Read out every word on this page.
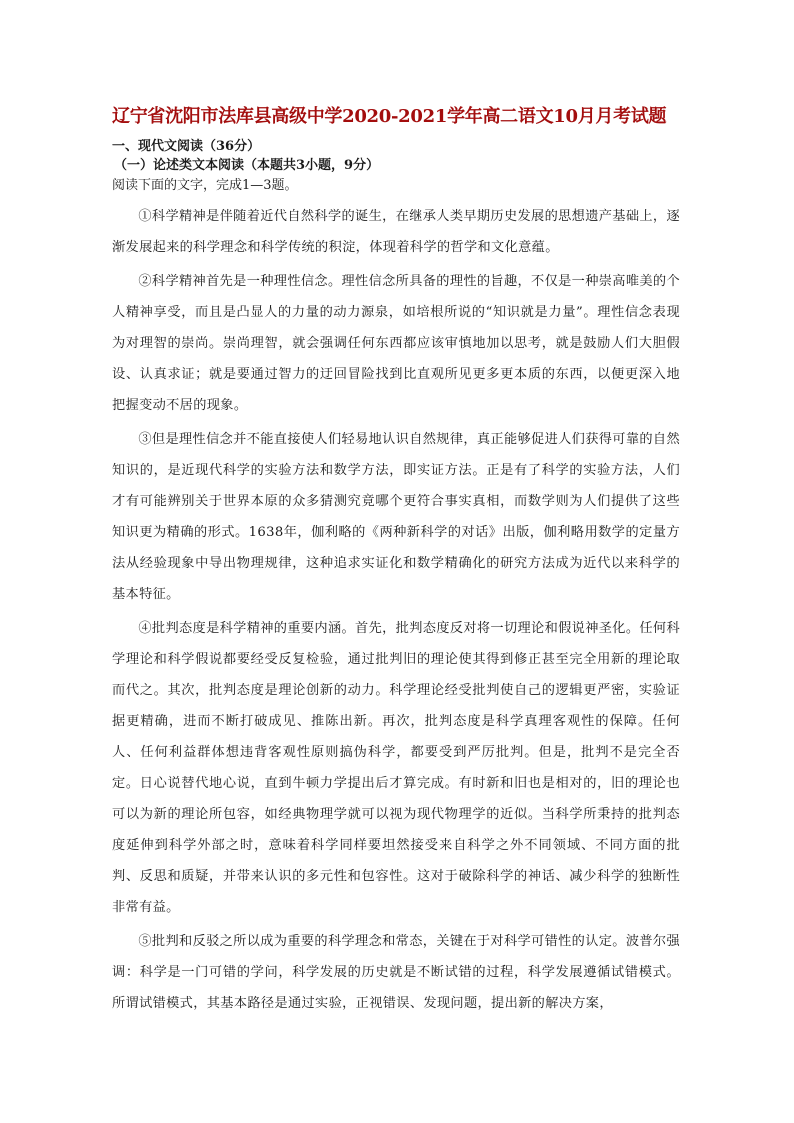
辽宁省沈阳市法库县高级中学2020-2021学年高二语文10月月考试题
一、现代文阅读（36分）
（一）论述类文本阅读（本题共3小题，9分）
阅读下面的文字，完成1—3题。

①科学精神是伴随着近代自然科学的诞生，在继承人类早期历史发展的思想遗产基础上，逐渐发展起来的科学理念和科学传统的积淀，体现着科学的哲学和文化意蕴。

②科学精神首先是一种理性信念。理性信念所具备的理性的旨趣，不仅是一种崇高唯美的个人精神享受，而且是凸显人的力量的动力源泉，如培根所说的“知识就是力量”。理性信念表现为对理智的崇尚。崇尚理智，就会强调任何东西都应该审慎地加以思考，就是鼓励人们大胆假设、认真求证；就是要通过智力的迂回冒险找到比直观所见更多更本质的东西，以便更深入地把握变动不居的现象。

③但是理性信念并不能直接使人们轻易地认识自然规律，真正能够促进人们获得可靠的自然知识的，是近现代科学的实验方法和数学方法，即实证方法。正是有了科学的实验方法，人们才有可能辨别关于世界本原的众多猜测究竟哪个更符合事实真相，而数学则为人们提供了这些知识更为精确的形式。1638年，伽利略的《两种新科学的对话》出版，伽利略用数学的定量方法从经验现象中导出物理规律，这种追求实证化和数学精确化的研究方法成为近代以来科学的基本特征。

④批判态度是科学精神的重要内涵。首先，批判态度反对将一切理论和假说神圣化。任何科学理论和科学假说都要经受反复检验，通过批判旧的理论使其得到修正甚至完全用新的理论取而代之。其次，批判态度是理论创新的动力。科学理论经受批判使自己的逻辑更严密，实验证据更精确，进而不断打破成见、推陈出新。再次，批判态度是科学真理客观性的保障。任何人、任何利益群体想违背客观性原则搞伪科学，都要受到严厉批判。但是，批判不是完全否定。日心说替代地心说，直到牛顿力学提出后才算完成。有时新和旧也是相对的，旧的理论也可以为新的理论所包容，如经典物理学就可以视为现代物理学的近似。当科学所秉持的批判态度延伸到科学外部之时，意味着科学同样要坦然接受来自科学之外不同领域、不同方面的批判、反思和质疑，并带来认识的多元性和包容性。这对于破除科学的神话、减少科学的独断性非常有益。

⑤批判和反驳之所以成为重要的科学理念和常态，关键在于对科学可错性的认定。波普尔强调：科学是一门可错的学问，科学发展的历史就是不断试错的过程，科学发展遵循试错模式。所谓试错模式，其基本路径是通过实验，正视错误、发现问题，提出新的解决方案，
